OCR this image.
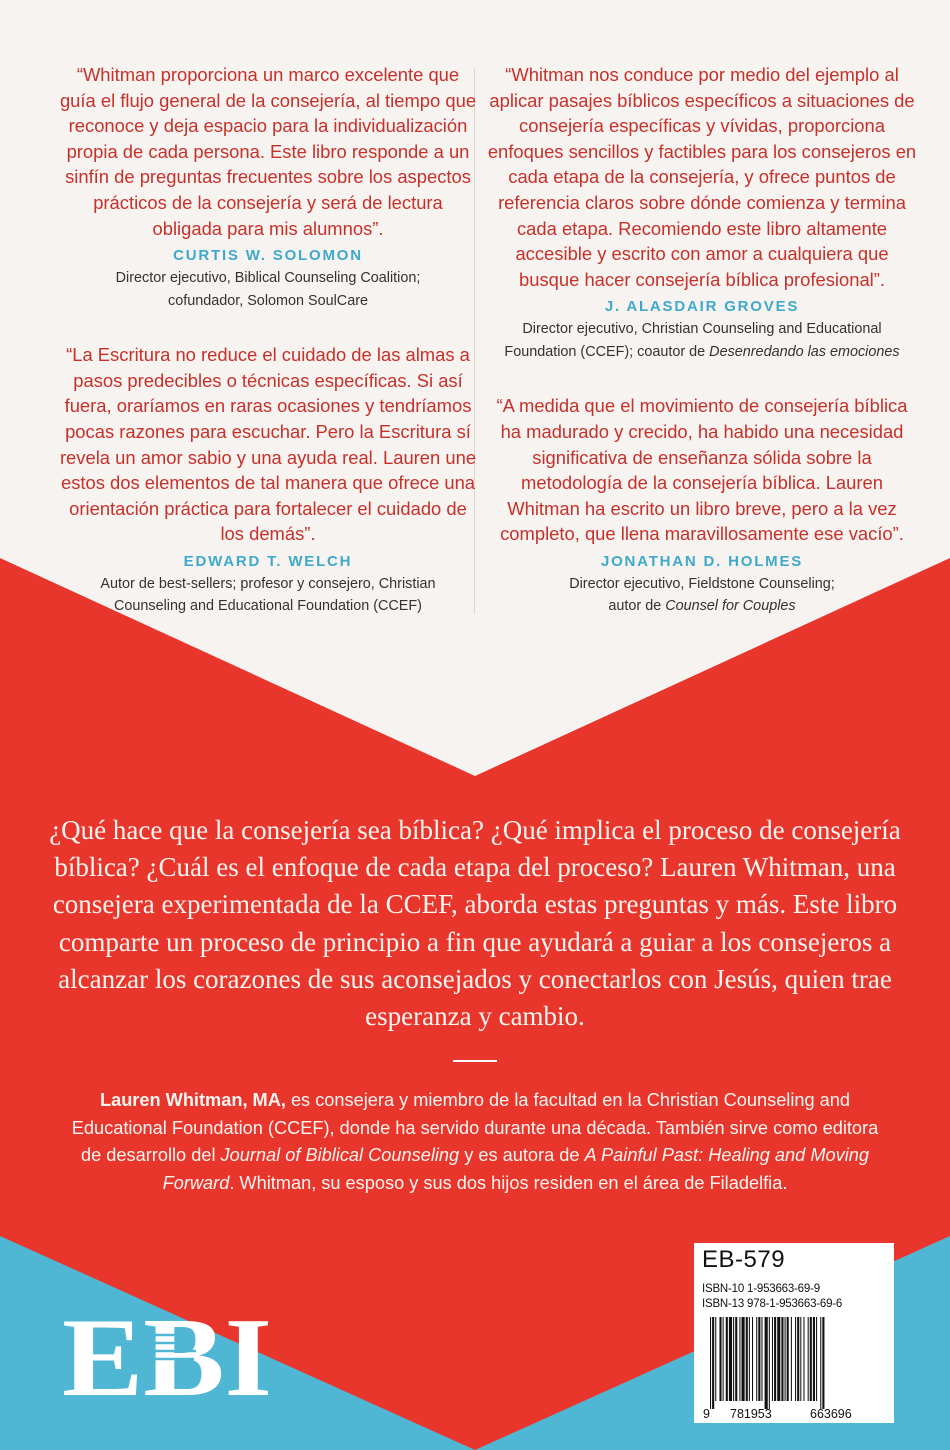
“Whitman proporciona un marco excelente que guía el flujo general de la consejería, al tiempo que reconoce y deja espacio para la individualización propia de cada persona. Este libro responde a un sinfín de preguntas frecuentes sobre los aspectos prácticos de la consejería y será de lectura obligada para mis alumnos”.

CURTIS W. SOLOMON

Director ejecutivo, Biblical Counseling Coalition;
cofundador, Solomon SoulCare

“La Escritura no reduce el cuidado de las almas a pasos predecibles o técnicas específicas. Si así fuera, oraríamos en raras ocasiones y tendríamos pocas razones para escuchar. Pero la Escritura sí revela un amor sabio y una ayuda real. Lauren une estos dos elementos de tal manera que ofrece una orientación práctica para fortalecer el cuidado de los demás”.

EDWARD T. WELCH

Autor de best-sellers; profesor y consejero, Christian
Counseling and Educational Foundation (CCEF)

“Whitman nos conduce por medio del ejemplo al aplicar pasajes bíblicos específicos a situaciones de consejería específicas y vívidas, proporciona enfoques sencillos y factibles para los consejeros en cada etapa de la consejería, y ofrece puntos de referencia claros sobre dónde comienza y termina cada etapa. Recomiendo este libro altamente accesible y escrito con amor a cualquiera que busque hacer consejería bíblica profesional”.

J. ALASDAIR GROVES

Director ejecutivo, Christian Counseling and Educational
Foundation (CCEF); coautor de Desenredando las emociones

“A medida que el movimiento de consejería bíblica ha madurado y crecido, ha habido una necesidad significativa de enseñanza sólida sobre la metodología de la consejería bíblica. Lauren Whitman ha escrito un libro breve, pero a la vez completo, que llena maravillosamente ese vacío”.

JONATHAN D. HOLMES

Director ejecutivo, Fieldstone Counseling;
autor de Counsel for Couples

¿Qué hace que la consejería sea bíblica? ¿Qué implica el proceso de consejería bíblica? ¿Cuál es el enfoque de cada etapa del proceso? Lauren Whitman, una consejera experimentada de la CCEF, aborda estas preguntas y más. Este libro comparte un proceso de principio a fin que ayudará a guiar a los consejeros a alcanzar los corazones de sus aconsejados y conectarlos con Jesús, quien trae esperanza y cambio.

Lauren Whitman, MA, es consejera y miembro de la facultad en la Christian Counseling and Educational Foundation (CCEF), donde ha servido durante una década. También sirve como editora de desarrollo del Journal of Biblical Counseling y es autora de A Painful Past: Healing and Moving Forward. Whitman, su esposo y sus dos hijos residen en el área de Filadelfia.

EBI
EB-579
ISBN-10 1-953663-69-9
ISBN-13 978-1-953663-69-6
9 781953	663696
